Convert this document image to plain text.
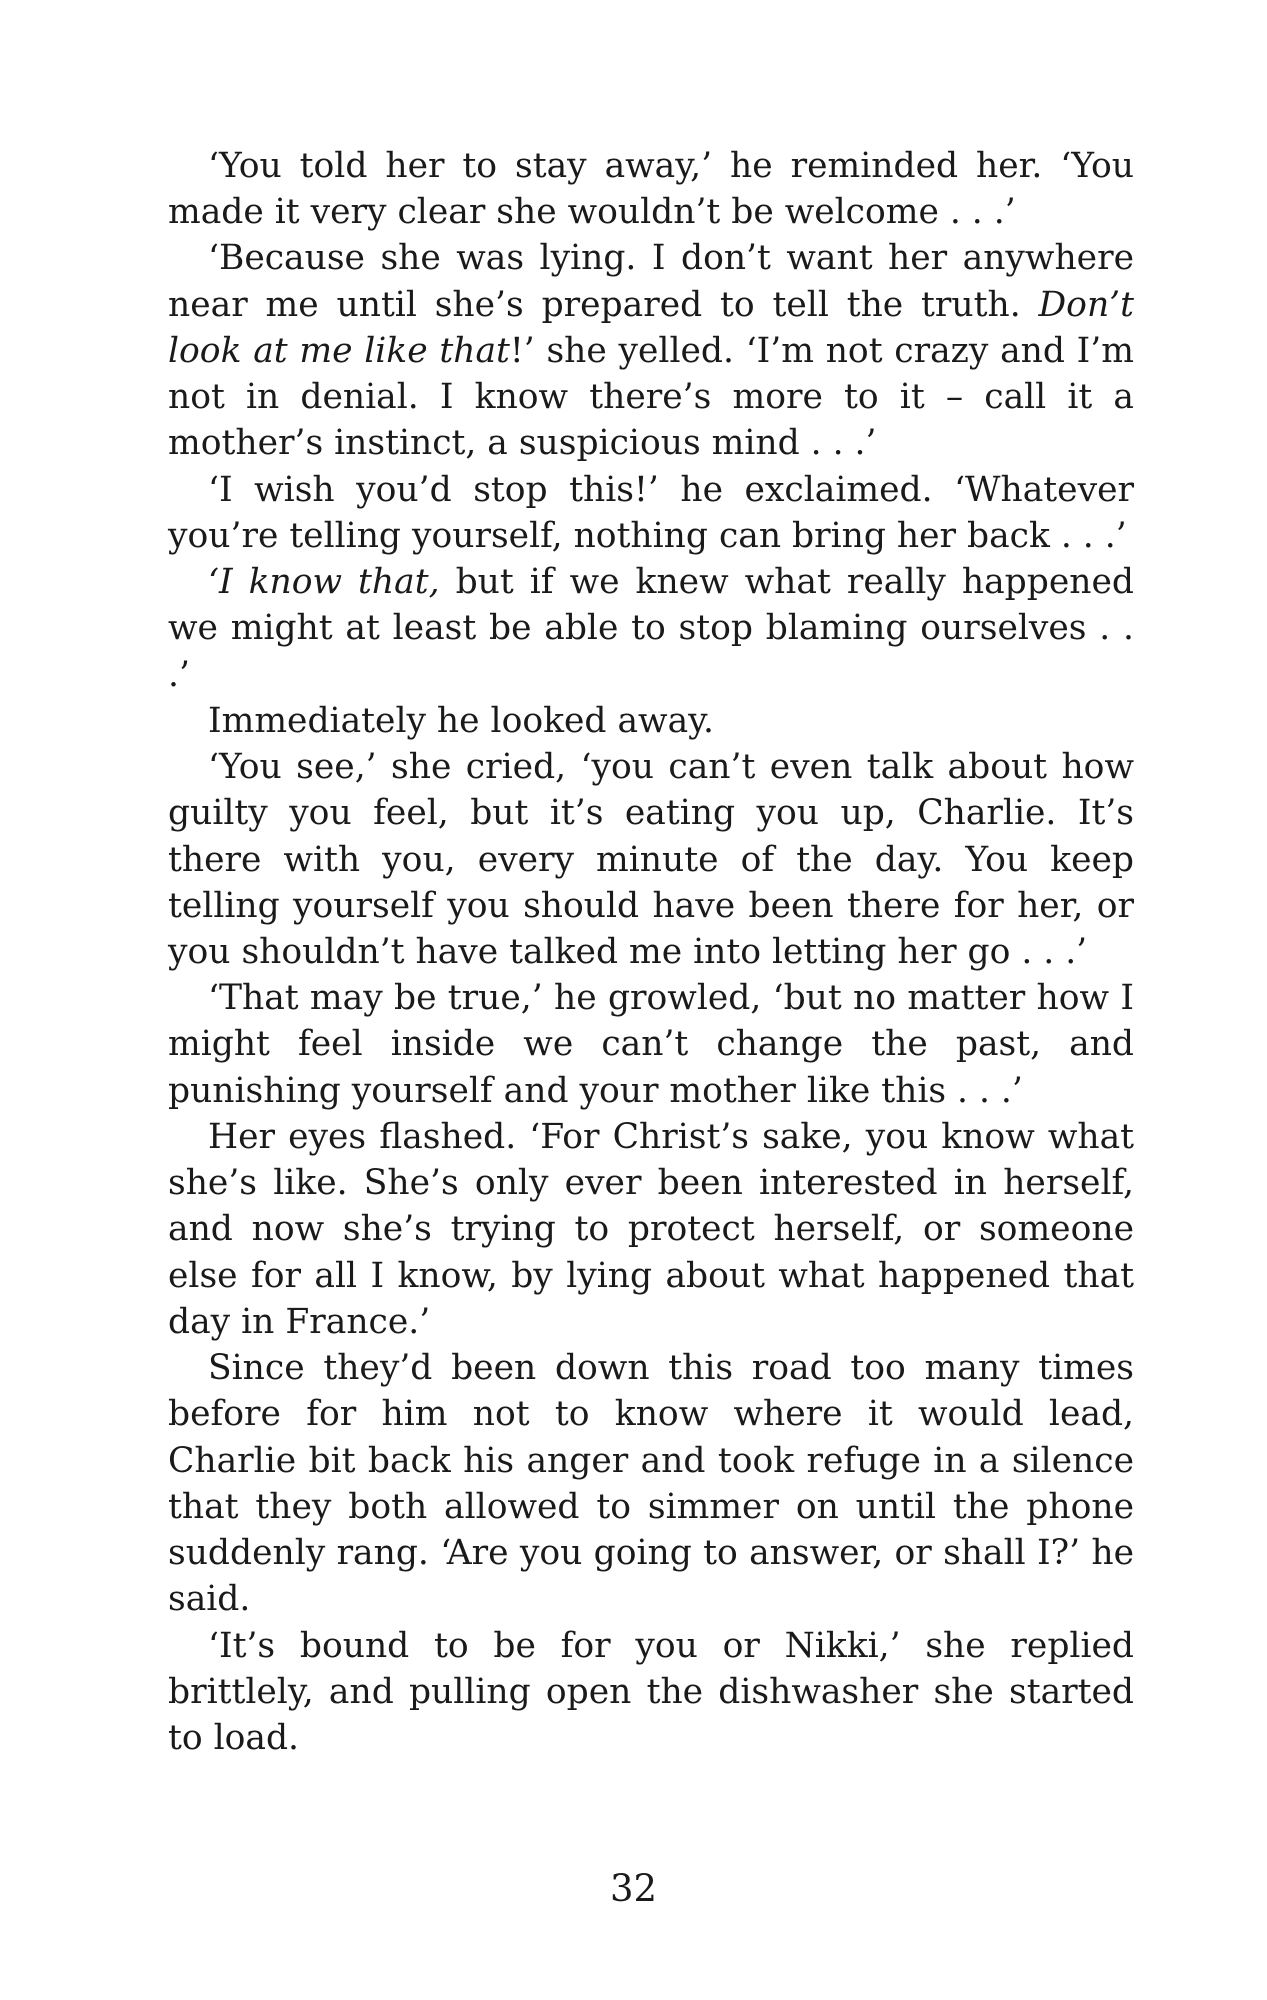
‘You told her to stay away,’ he reminded her. ‘You made it very clear she wouldn’t be welcome . . .’

‘Because she was lying. I don’t want her anywhere near me until she’s prepared to tell the truth. Don’t look at me like that!’ she yelled. ‘I’m not crazy and I’m not in denial. I know there’s more to it – call it a mother’s instinct, a suspicious mind . . .’

‘I wish you’d stop this!’ he exclaimed. ‘Whatever you’re telling yourself, nothing can bring her back . . .’

‘I know that, but if we knew what really happened we might at least be able to stop blaming ourselves . . .’

Immediately he looked away.

‘You see,’ she cried, ‘you can’t even talk about how guilty you feel, but it’s eating you up, Charlie. It’s there with you, every minute of the day. You keep telling yourself you should have been there for her, or you shouldn’t have talked me into letting her go . . .’

‘That may be true,’ he growled, ‘but no matter how I might feel inside we can’t change the past, and punishing yourself and your mother like this . . .’

Her eyes flashed. ‘For Christ’s sake, you know what she’s like. She’s only ever been interested in herself, and now she’s trying to protect herself, or someone else for all I know, by lying about what happened that day in France.’

Since they’d been down this road too many times before for him not to know where it would lead, Charlie bit back his anger and took refuge in a silence that they both allowed to simmer on until the phone suddenly rang. ‘Are you going to answer, or shall I?’ he said.

‘It’s bound to be for you or Nikki,’ she replied brittlely, and pulling open the dishwasher she started to load.

32
